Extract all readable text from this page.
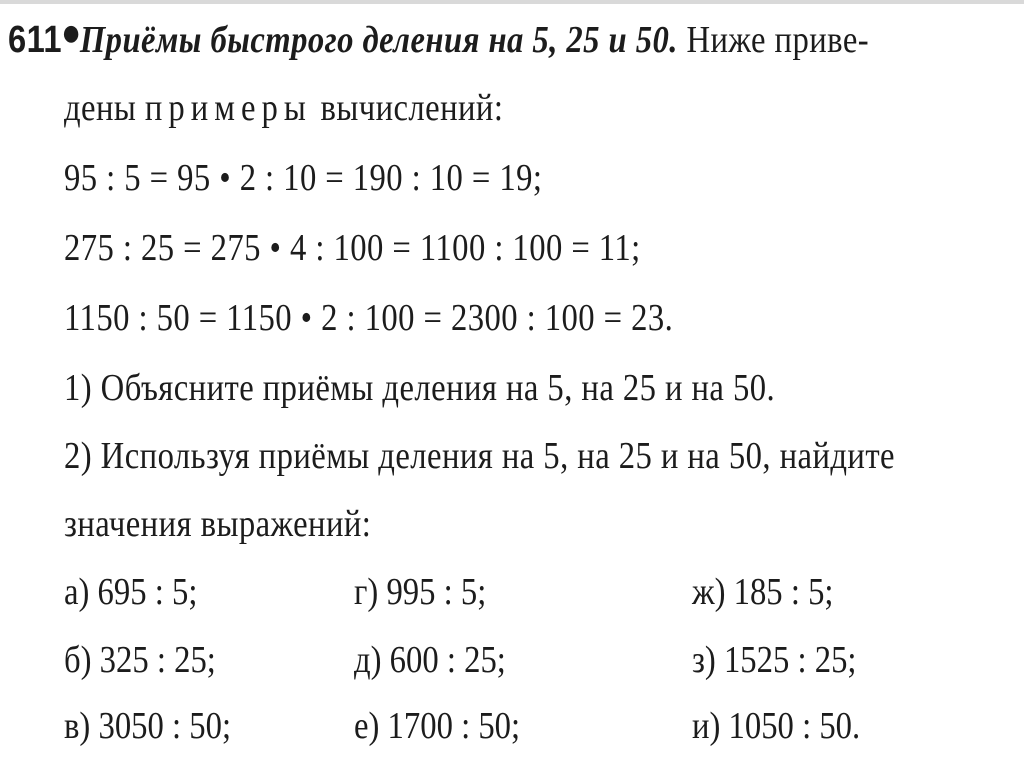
611●Приёмы быстрого деления на 5, 25 и 50. Ниже приве-
дены примеры вычислений:
95 : 5 = 95 • 2 : 10 = 190 : 10 = 19;
275 : 25 = 275 • 4 : 100 = 1100 : 100 = 11;
1150 : 50 = 1150 • 2 : 100 = 2300 : 100 = 23.
1) Объясните приёмы деления на 5, на 25 и на 50.
2) Используя приёмы деления на 5, на 25 и на 50, найдите
значения выражений:
а) 695 : 5;	г) 995 : 5;	ж) 185 : 5;
б) 325 : 25;	д) 600 : 25;	з) 1525 : 25;
в) 3050 : 50;	е) 1700 : 50;	и) 1050 : 50.
